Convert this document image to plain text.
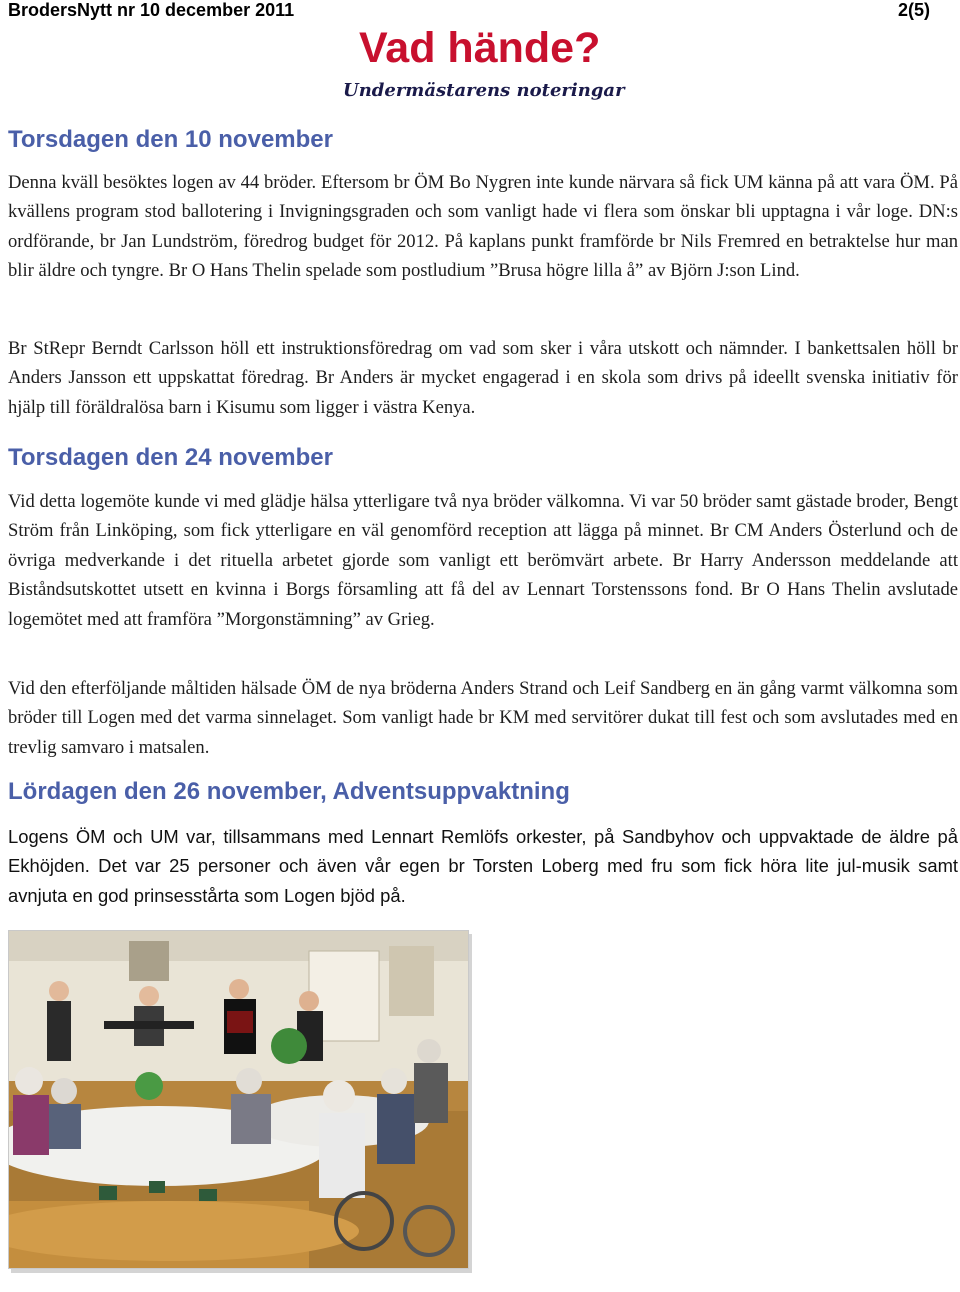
BrodersNytt nr 10 december 2011	2(5)
Vad hände?
Undermästarens noteringar
Torsdagen den 10 november

Denna kväll besöktes logen av 44 bröder. Eftersom br ÖM Bo Nygren inte kunde närvara så fick UM känna på att vara ÖM. På kvällens program stod ballotering i Invigningsgraden och som vanligt hade vi flera som önskar bli upptagna i vår loge. DN:s ordförande, br Jan Lundström, föredrog budget för 2012. På kaplans punkt framförde br Nils Fremred en betraktelse hur man blir äldre och tyngre. Br O Hans Thelin spelade som postludium ”Brusa högre lilla å” av Björn J:son Lind.

Br StRepr Berndt Carlsson höll ett instruktionsföredrag om vad som sker i våra utskott och nämnder. I bankettsalen höll br Anders Jansson ett uppskattat föredrag. Br Anders är mycket engagerad i en skola som drivs på ideellt svenska initiativ för hjälp till föräldralösa barn i Kisumu som ligger i västra Kenya.

Torsdagen den 24 november

Vid detta logemöte kunde vi med glädje hälsa ytterligare två nya bröder välkomna. Vi var 50 bröder samt gästade broder, Bengt Ström från Linköping, som fick ytterligare en väl genomförd reception att lägga på minnet. Br CM Anders Österlund och de övriga medverkande i det rituella arbetet gjorde som vanligt ett berömvärt arbete. Br Harry Andersson meddelande att Biståndsutskottet utsett en kvinna i Borgs församling att få del av Lennart Torstenssons fond. Br O Hans Thelin avslutade logemötet med att framföra ”Morgonstämning” av Grieg.

Vid den efterföljande måltiden hälsade ÖM de nya bröderna Anders Strand och Leif Sandberg en än gång varmt välkomna som bröder till Logen med det varma sinnelaget. Som vanligt hade br KM med servitörer dukat till fest och som avslutades med en trevlig samvaro i matsalen.

Lördagen den 26 november, Adventsuppvaktning

Logens ÖM och UM var, tillsammans med Lennart Remlöfs orkester, på Sandbyhov och uppvaktade de äldre på Ekhöjden. Det var 25 personer och även vår egen br Torsten Loberg med fru som fick höra lite jul-musik samt avnjuta en god prinsesstårta som Logen bjöd på.
